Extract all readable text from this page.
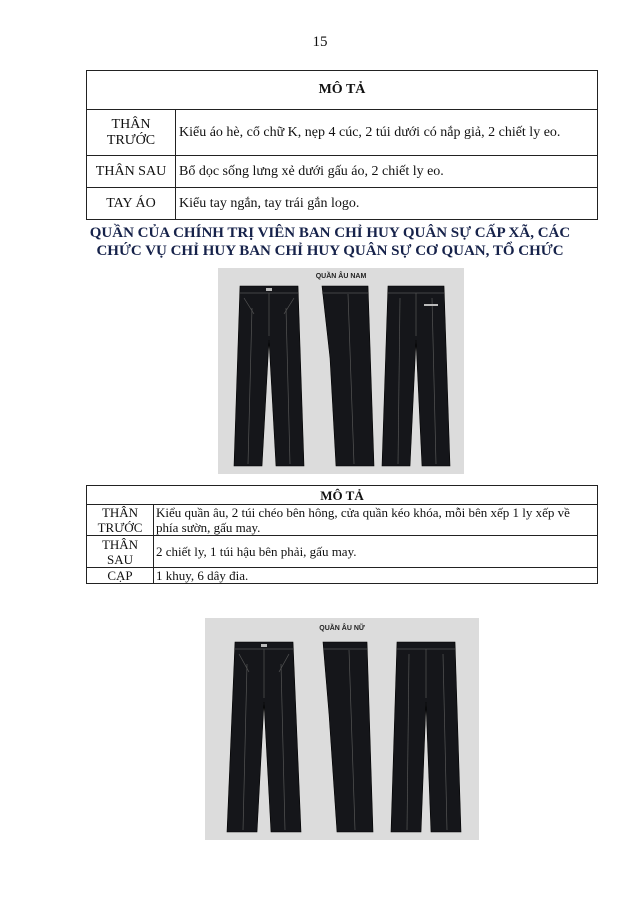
15
MÔ TẢ	
THÂN TRƯỚC	Kiểu áo hè, cổ chữ K, nẹp 4 cúc, 2 túi dưới có nắp giả, 2 chiết ly eo.
THÂN SAU	Bổ dọc sống lưng xẻ dưới gấu áo, 2 chiết ly eo.
TAY ÁO	Kiểu tay ngắn, tay trái gắn logo.
QUẦN CỦA CHÍNH TRỊ VIÊN BAN CHỈ HUY QUÂN SỰ CẤP XÃ, CÁC CHỨC VỤ CHỈ HUY BAN CHỈ HUY QUÂN SỰ CƠ QUAN, TỔ CHỨC
QUẦN ÂU NAM
MÔ TẢ	
THÂN TRƯỚC	Kiểu quần âu, 2 túi chéo bên hông, cửa quần kéo khóa, mỗi bên xếp 1 ly xếp về phía sườn, gấu may.
THÂN SAU	2 chiết ly, 1 túi hậu bên phải, gấu may.
CẠP	1 khuy, 6 dây đia.
QUẦN ÂU NỮ
